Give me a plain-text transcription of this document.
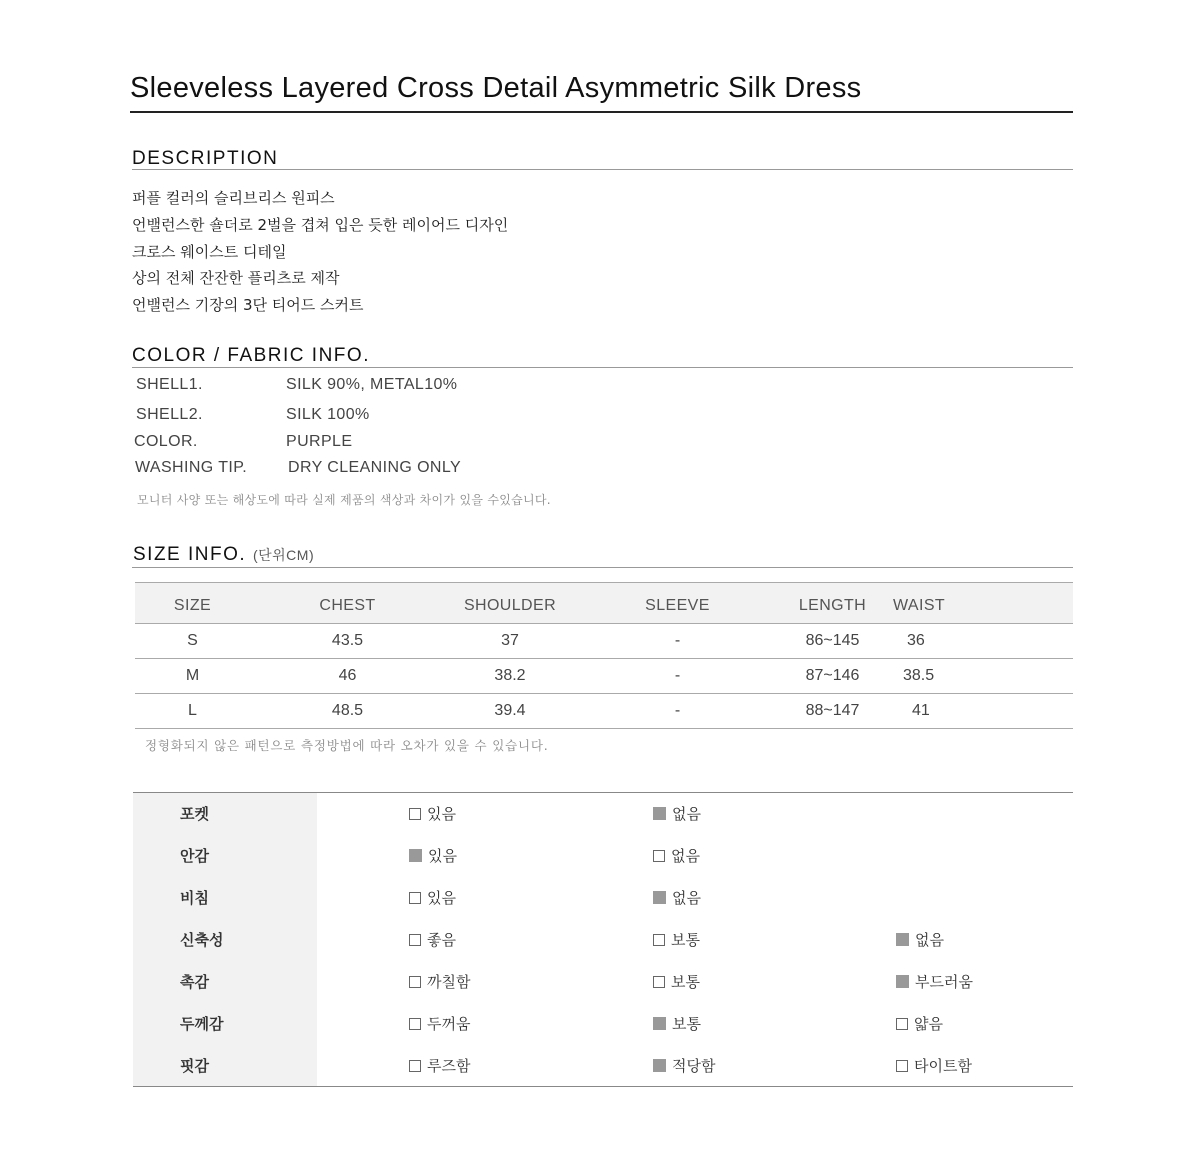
Sleeveless Layered Cross Detail Asymmetric Silk Dress
DESCRIPTION
퍼플 컬러의 슬리브리스 원피스
언밸런스한 숄더로 2벌을 겹쳐 입은 듯한 레이어드 디자인
크로스 웨이스트 디테일
상의 전체 잔잔한 플리츠로 제작
언밸런스 기장의 3단 티어드 스커트
COLOR / FABRIC INFO.
SHELL1.	SILK 90%, METAL10%
SHELL2.	SILK 100%
COLOR.	PURPLE
WASHING TIP.	DRY CLEANING ONLY
모니터 사양 또는 해상도에 따라 실제 제품의 색상과 차이가 있을 수있습니다.
SIZE INFO. (단위CM)
SIZE	CHEST	SHOULDER	SLEEVE	LENGTH	WAIST
S	43.5	37	-	86~145	36
M	46	38.2	-	87~146	38.5
L	48.5	39.4	-	88~147	41
정형화되지 않은 패턴으로 측정방법에 따라 오차가 있을 수 있습니다.
포켓	있음	없음
안감	있음	없음
비침	있음	없음
신축성	좋음	보통	없음
촉감	까칠함	보통	부드러움
두께감	두꺼움	보통	얇음
핏감	루즈함	적당함	타이트함
